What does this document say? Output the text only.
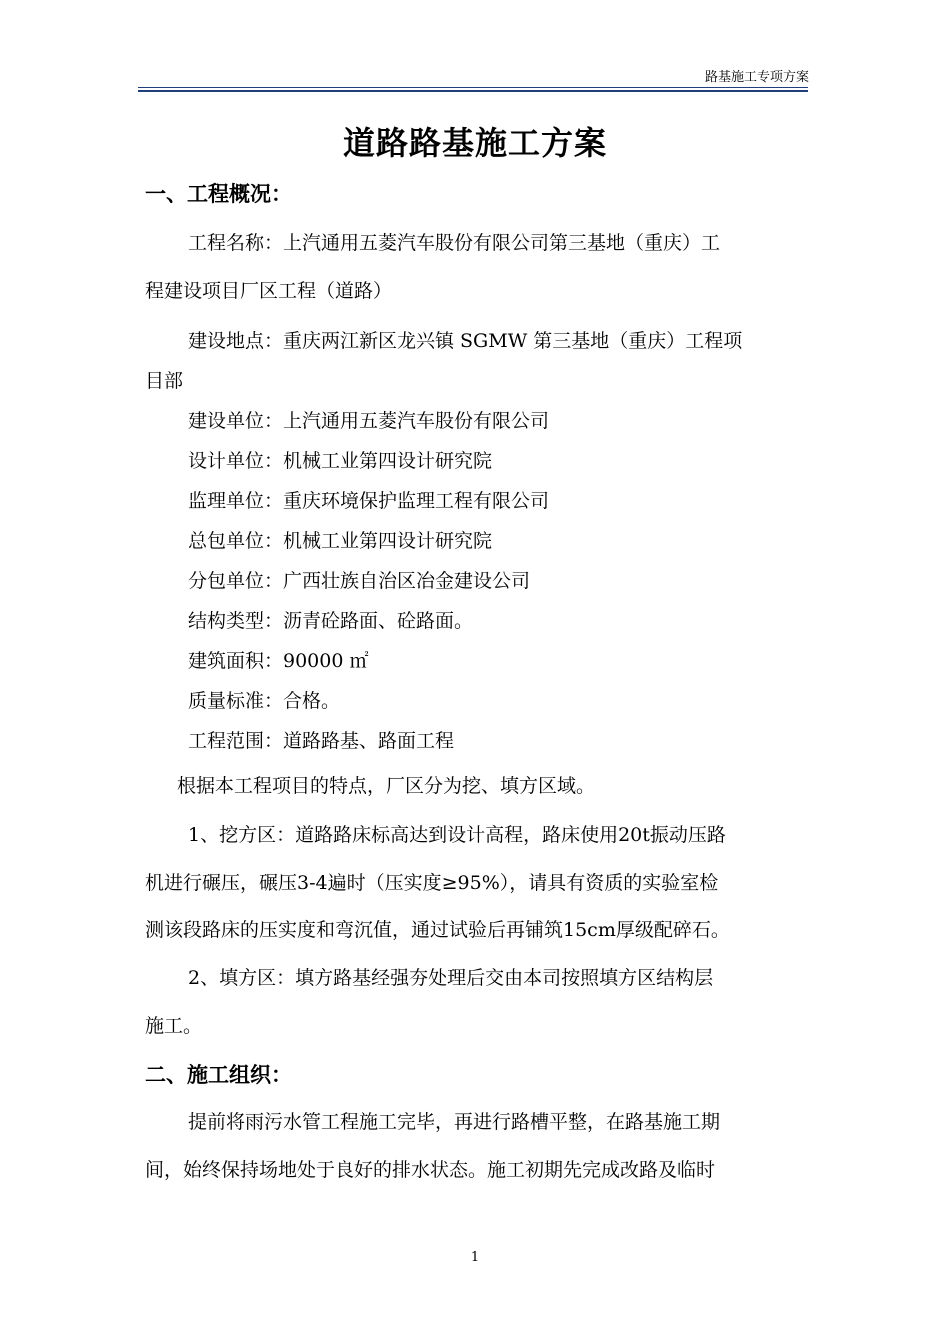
路基施工专项方案
道路路基施工方案
一、工程概况：
工程名称：上汽通用五菱汽车股份有限公司第三基地（重庆）工
程建设项目厂区工程（道路）
建设地点：重庆两江新区龙兴镇 SGMW 第三基地（重庆）工程项
目部
建设单位：上汽通用五菱汽车股份有限公司
设计单位：机械工业第四设计研究院
监理单位：重庆环境保护监理工程有限公司
总包单位：机械工业第四设计研究院
分包单位：广西壮族自治区冶金建设公司
结构类型：沥青砼路面、砼路面。
建筑面积：90000 ㎡
质量标准：合格。
工程范围：道路路基、路面工程
根据本工程项目的特点，厂区分为挖、填方区域。
1、挖方区：道路路床标高达到设计高程，路床使用20t振动压路
机进行碾压，碾压3-4遍时（压实度≥95%），请具有资质的实验室检
测该段路床的压实度和弯沉值，通过试验后再铺筑15cm厚级配碎石。
2、填方区：填方路基经强夯处理后交由本司按照填方区结构层
施工。
二、施工组织：
提前将雨污水管工程施工完毕，再进行路槽平整，在路基施工期
间，始终保持场地处于良好的排水状态。施工初期先完成改路及临时
1
